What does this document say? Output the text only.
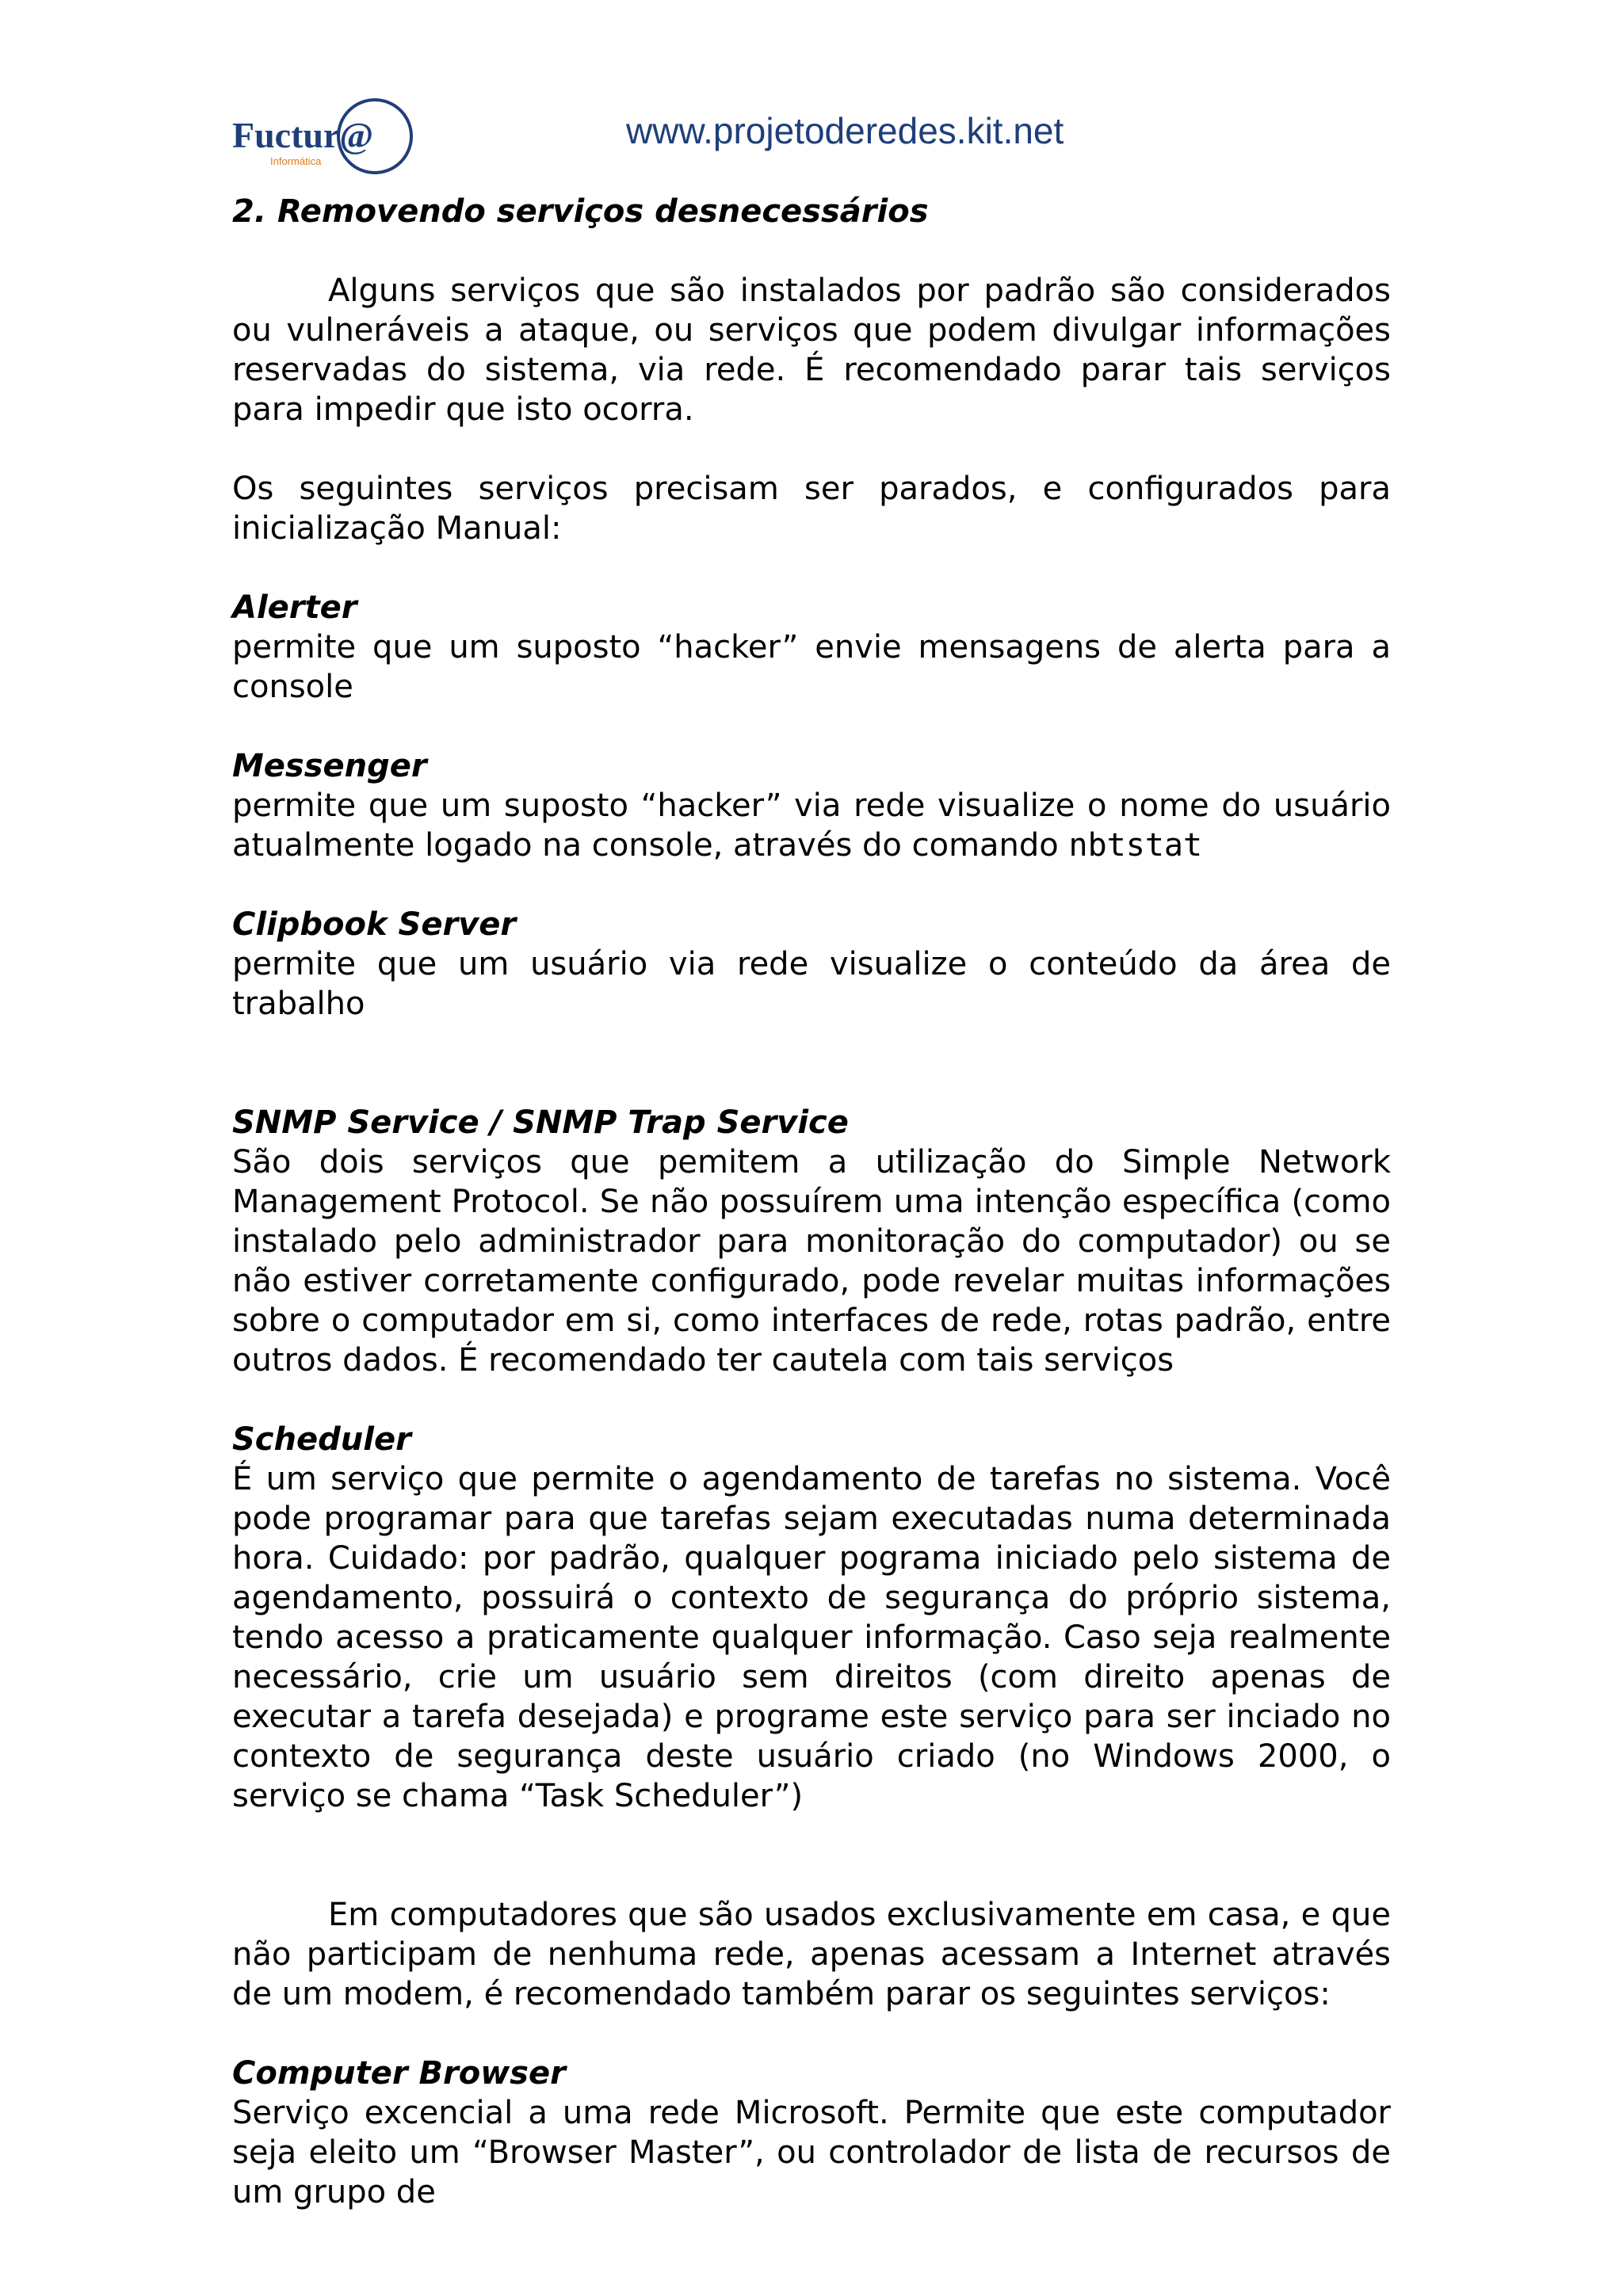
Fuctur@
Informática
www.projetoderedes.kit.net
2. Removendo serviços desnecessários

Alguns serviços que são instalados por padrão são considerados ou vulneráveis a ataque, ou serviços que podem divulgar informações reservadas do sistema, via rede. É recomendado parar tais serviços para impedir que isto ocorra.

Os seguintes serviços precisam ser parados, e configurados para inicialização Manual:

Alerter

permite que um suposto “hacker” envie mensagens de alerta para a console

Messenger

permite que um suposto “hacker” via rede visualize o nome do usuário atualmente logado na console, através do comando nbtstat

Clipbook Server

permite que um usuário via rede visualize o conteúdo da área de trabalho

SNMP Service / SNMP Trap Service

São dois serviços que pemitem a utilização do Simple Network Management Protocol. Se não possuírem uma intenção específica (como instalado pelo administrador para monitoração do computador) ou se não estiver corretamente configurado, pode revelar muitas informações sobre o computador em si, como interfaces de rede, rotas padrão, entre outros dados. É recomendado ter cautela com tais serviços

Scheduler

É um serviço que permite o agendamento de tarefas no sistema. Você pode programar para que tarefas sejam executadas numa determinada hora. Cuidado: por padrão, qualquer pograma iniciado pelo sistema de agendamento, possuirá o contexto de segurança do próprio sistema, tendo acesso a praticamente qualquer informação. Caso seja realmente necessário, crie um usuário sem direitos (com direito apenas de executar a tarefa desejada) e programe este serviço para ser inciado no contexto de segurança deste usuário criado (no Windows 2000, o serviço se chama “Task Scheduler”)

Em computadores que são usados exclusivamente em casa, e que não participam de nenhuma rede, apenas acessam a Internet através de um modem, é recomendado também parar os seguintes serviços:

Computer Browser

Serviço excencial a uma rede Microsoft. Permite que este computador seja eleito um “Browser Master”, ou controlador de lista de recursos de um grupo de
